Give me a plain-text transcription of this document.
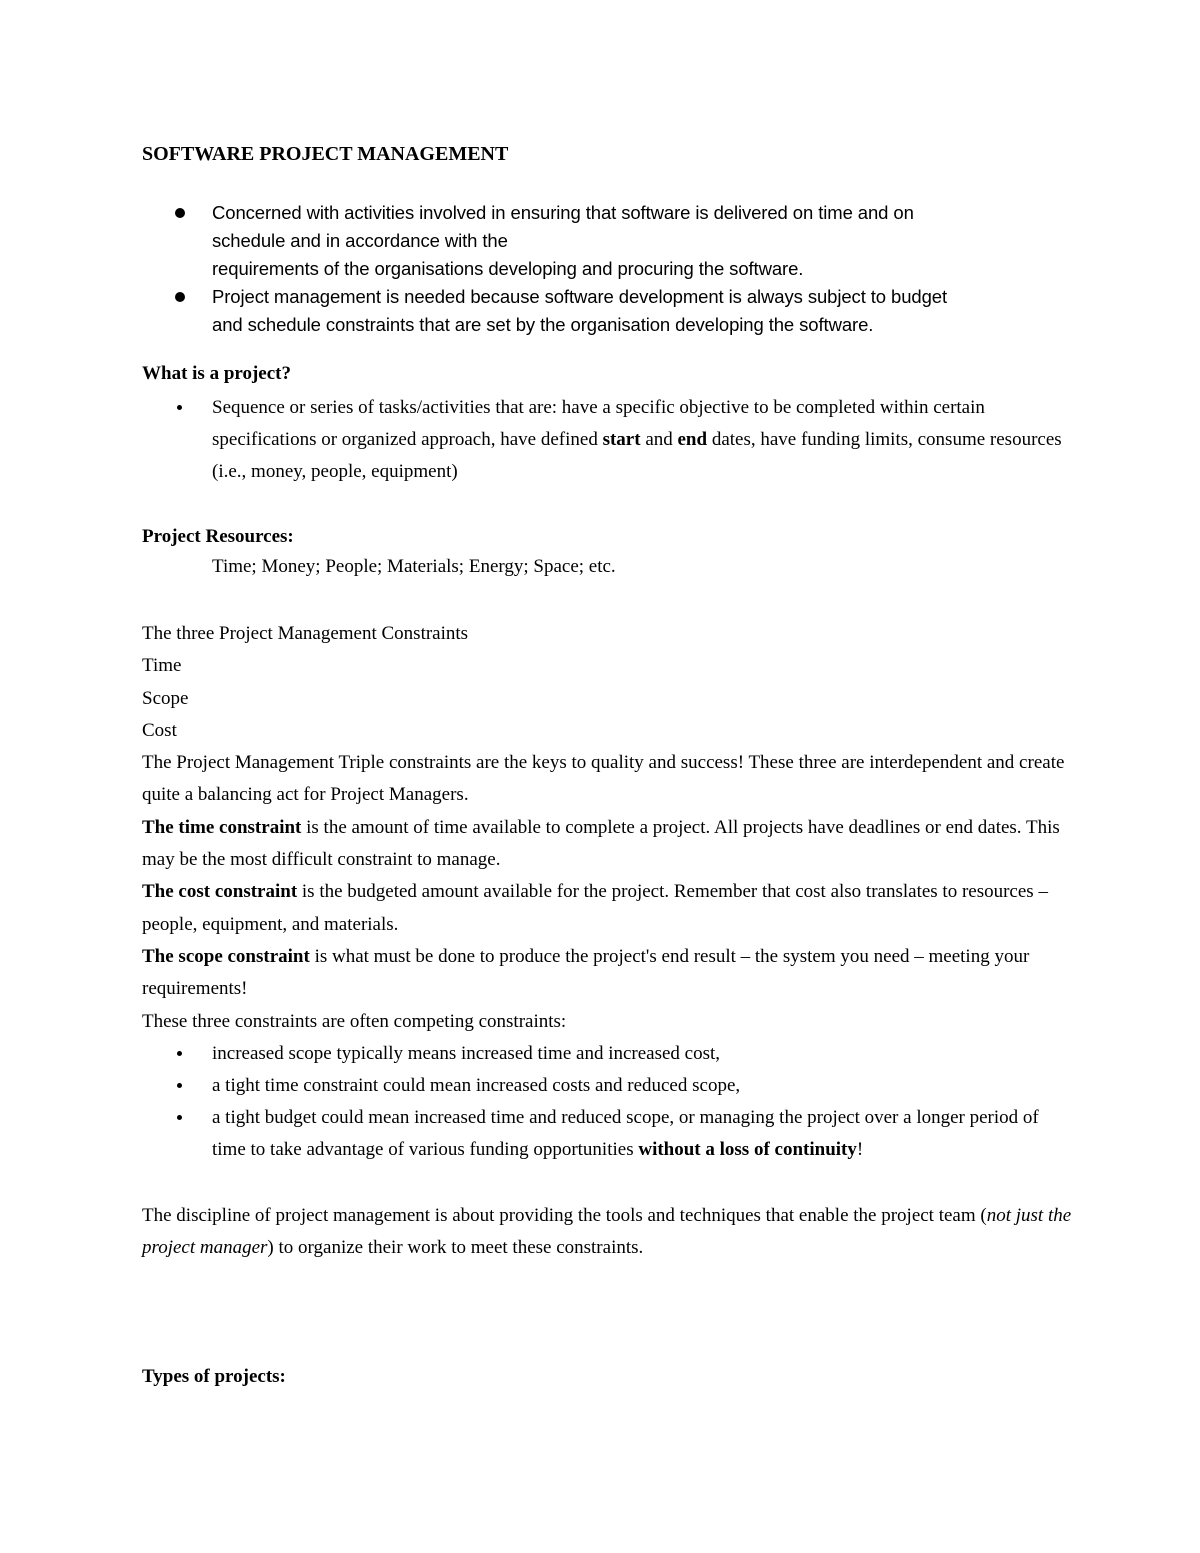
SOFTWARE PROJECT MANAGEMENT
Concerned with activities involved in ensuring that software is delivered on time and on
schedule and in accordance with the
requirements of the organisations developing and procuring the software.
Project management is needed because software development is always subject to budget
and schedule constraints that are set by the organisation developing the software.

What is a project?

Sequence or series of tasks/activities that are: have a specific objective to be completed within certain specifications or organized approach, have defined start and end dates, have funding limits, consume resources (i.e., money, people, equipment)

Project Resources:

Time; Money; People; Materials; Energy; Space; etc.

The three Project Management Constraints

Time

Scope

Cost

The Project Management Triple constraints are the keys to quality and success! These three are interdependent and create quite a balancing act for Project Managers.

The time constraint is the amount of time available to complete a project. All projects have deadlines or end dates. This may be the most difficult constraint to manage.

The cost constraint is the budgeted amount available for the project. Remember that cost also translates to resources – people, equipment, and materials.

The scope constraint is what must be done to produce the project's end result – the system you need – meeting your requirements!

These three constraints are often competing constraints:

increased scope typically means increased time and increased cost,
a tight time constraint could mean increased costs and reduced scope,
a tight budget could mean increased time and reduced scope, or managing the project over a longer period of time to take advantage of various funding opportunities without a loss of continuity!

The discipline of project management is about providing the tools and techniques that enable the project team (not just the project manager) to organize their work to meet these constraints.

Types of projects:
